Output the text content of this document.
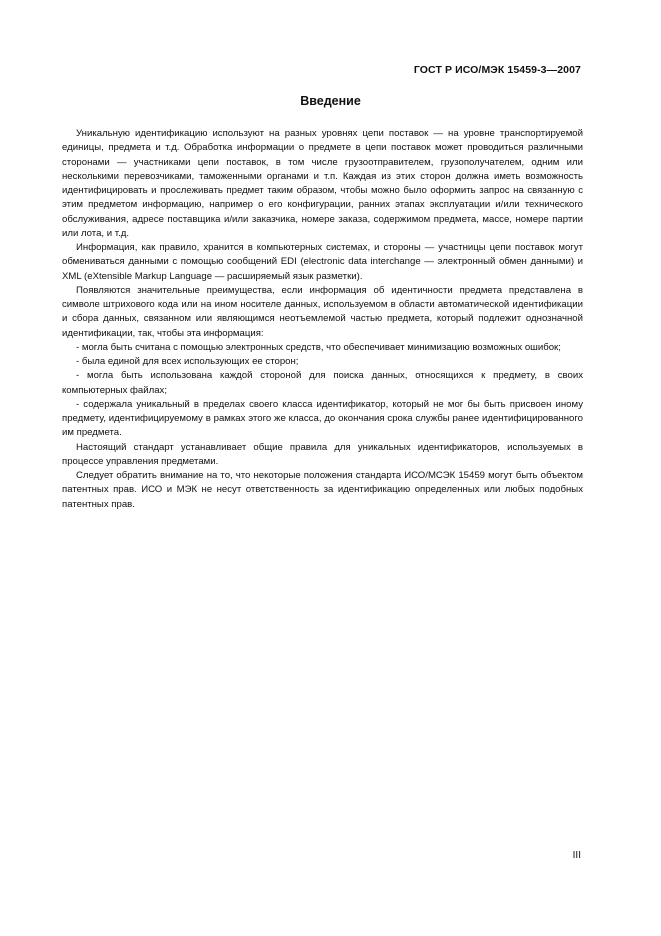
ГОСТ Р ИСО/МЭК 15459-3—2007
Введение

Уникальную идентификацию используют на разных уровнях цепи поставок — на уровне транспортируемой единицы, предмета и т.д. Обработка информации о предмете в цепи поставок может проводиться различными сторонами — участниками цепи поставок, в том числе грузоотправителем, грузополучателем, одним или несколькими перевозчиками, таможенными органами и т.п. Каждая из этих сторон должна иметь возможность идентифицировать и прослеживать предмет таким образом, чтобы можно было оформить запрос на связанную с этим предметом информацию, например о его конфигурации, ранних этапах эксплуатации и/или технического обслуживания, адресе поставщика и/или заказчика, номере заказа, содержимом предмета, массе, номере партии или лота, и т.д.

Информация, как правило, хранится в компьютерных системах, и стороны — участницы цепи поставок могут обмениваться данными с помощью сообщений EDI (electronic data interchange — электронный обмен данными) и XML (eXtensible Markup Language — расширяемый язык разметки).

Появляются значительные преимущества, если информация об идентичности предмета представлена в символе штрихового кода или на ином носителе данных, используемом в области автоматической идентификации и сбора данных, связанном или являющимся неотъемлемой частью предмета, который подлежит однозначной идентификации, так, чтобы эта информация:

- могла быть считана с помощью электронных средств, что обеспечивает минимизацию возможных ошибок;

- была единой для всех использующих ее сторон;

- могла быть использована каждой стороной для поиска данных, относящихся к предмету, в своих компьютерных файлах;

- содержала уникальный в пределах своего класса идентификатор, который не мог бы быть присвоен иному предмету, идентифицируемому в рамках этого же класса, до окончания срока службы ранее идентифицированного им предмета.

Настоящий стандарт устанавливает общие правила для уникальных идентификаторов, используемых в процессе управления предметами.

Следует обратить внимание на то, что некоторые положения стандарта ИСО/МСЭК 15459 могут быть объектом патентных прав. ИСО и МЭК не несут ответственность за идентификацию определенных или любых подобных патентных прав.

III
